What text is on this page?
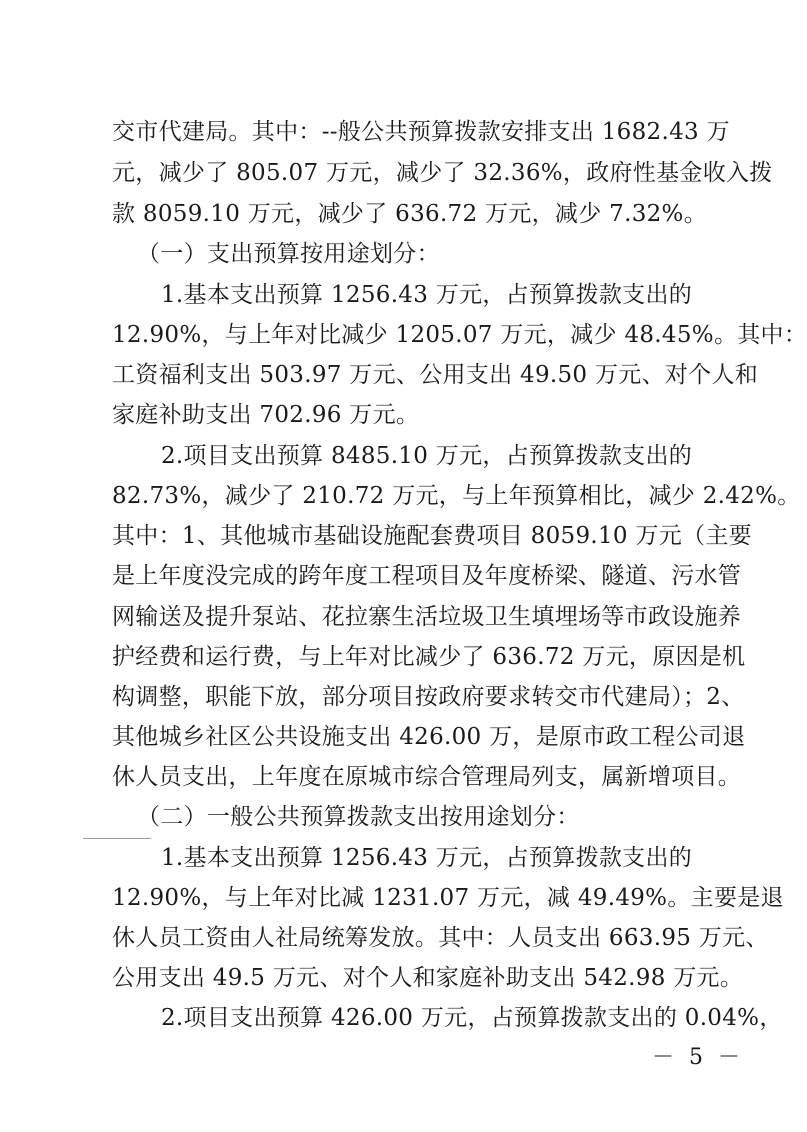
交市代建局。其中：--般公共预算拨款安排支出 1682.43 万
元，减少了 805.07 万元，减少了 32.36%，政府性基金收入拨
款 8059.10 万元，减少了 636.72 万元，减少 7.32%。
（一）支出预算按用途划分：
1.基本支出预算 1256.43 万元，占预算拨款支出的
12.90%，与上年对比减少 1205.07 万元，减少 48.45%。其中：
工资福利支出 503.97 万元、公用支出 49.50 万元、对个人和
家庭补助支出 702.96 万元。
2.项目支出预算 8485.10 万元，占预算拨款支出的
82.73%，减少了 210.72 万元，与上年预算相比，减少 2.42%。
其中：1、其他城市基础设施配套费项目 8059.10 万元（主要
是上年度没完成的跨年度工程项目及年度桥梁、隧道、污水管
网输送及提升泵站、花拉寨生活垃圾卫生填埋场等市政设施养
护经费和运行费，与上年对比减少了 636.72 万元，原因是机
构调整，职能下放，部分项目按政府要求转交市代建局）；2、
其他城乡社区公共设施支出 426.00 万，是原市政工程公司退
休人员支出，上年度在原城市综合管理局列支，属新增项目。
（二）一般公共预算拨款支出按用途划分：
1.基本支出预算 1256.43 万元，占预算拨款支出的
12.90%，与上年对比减 1231.07 万元，减 49.49%。主要是退
休人员工资由人社局统筹发放。其中：人员支出 663.95 万元、
公用支出 49.5 万元、对个人和家庭补助支出 542.98 万元。
2.项目支出预算 426.00 万元，占预算拨款支出的 0.04%，
－ 5 －
